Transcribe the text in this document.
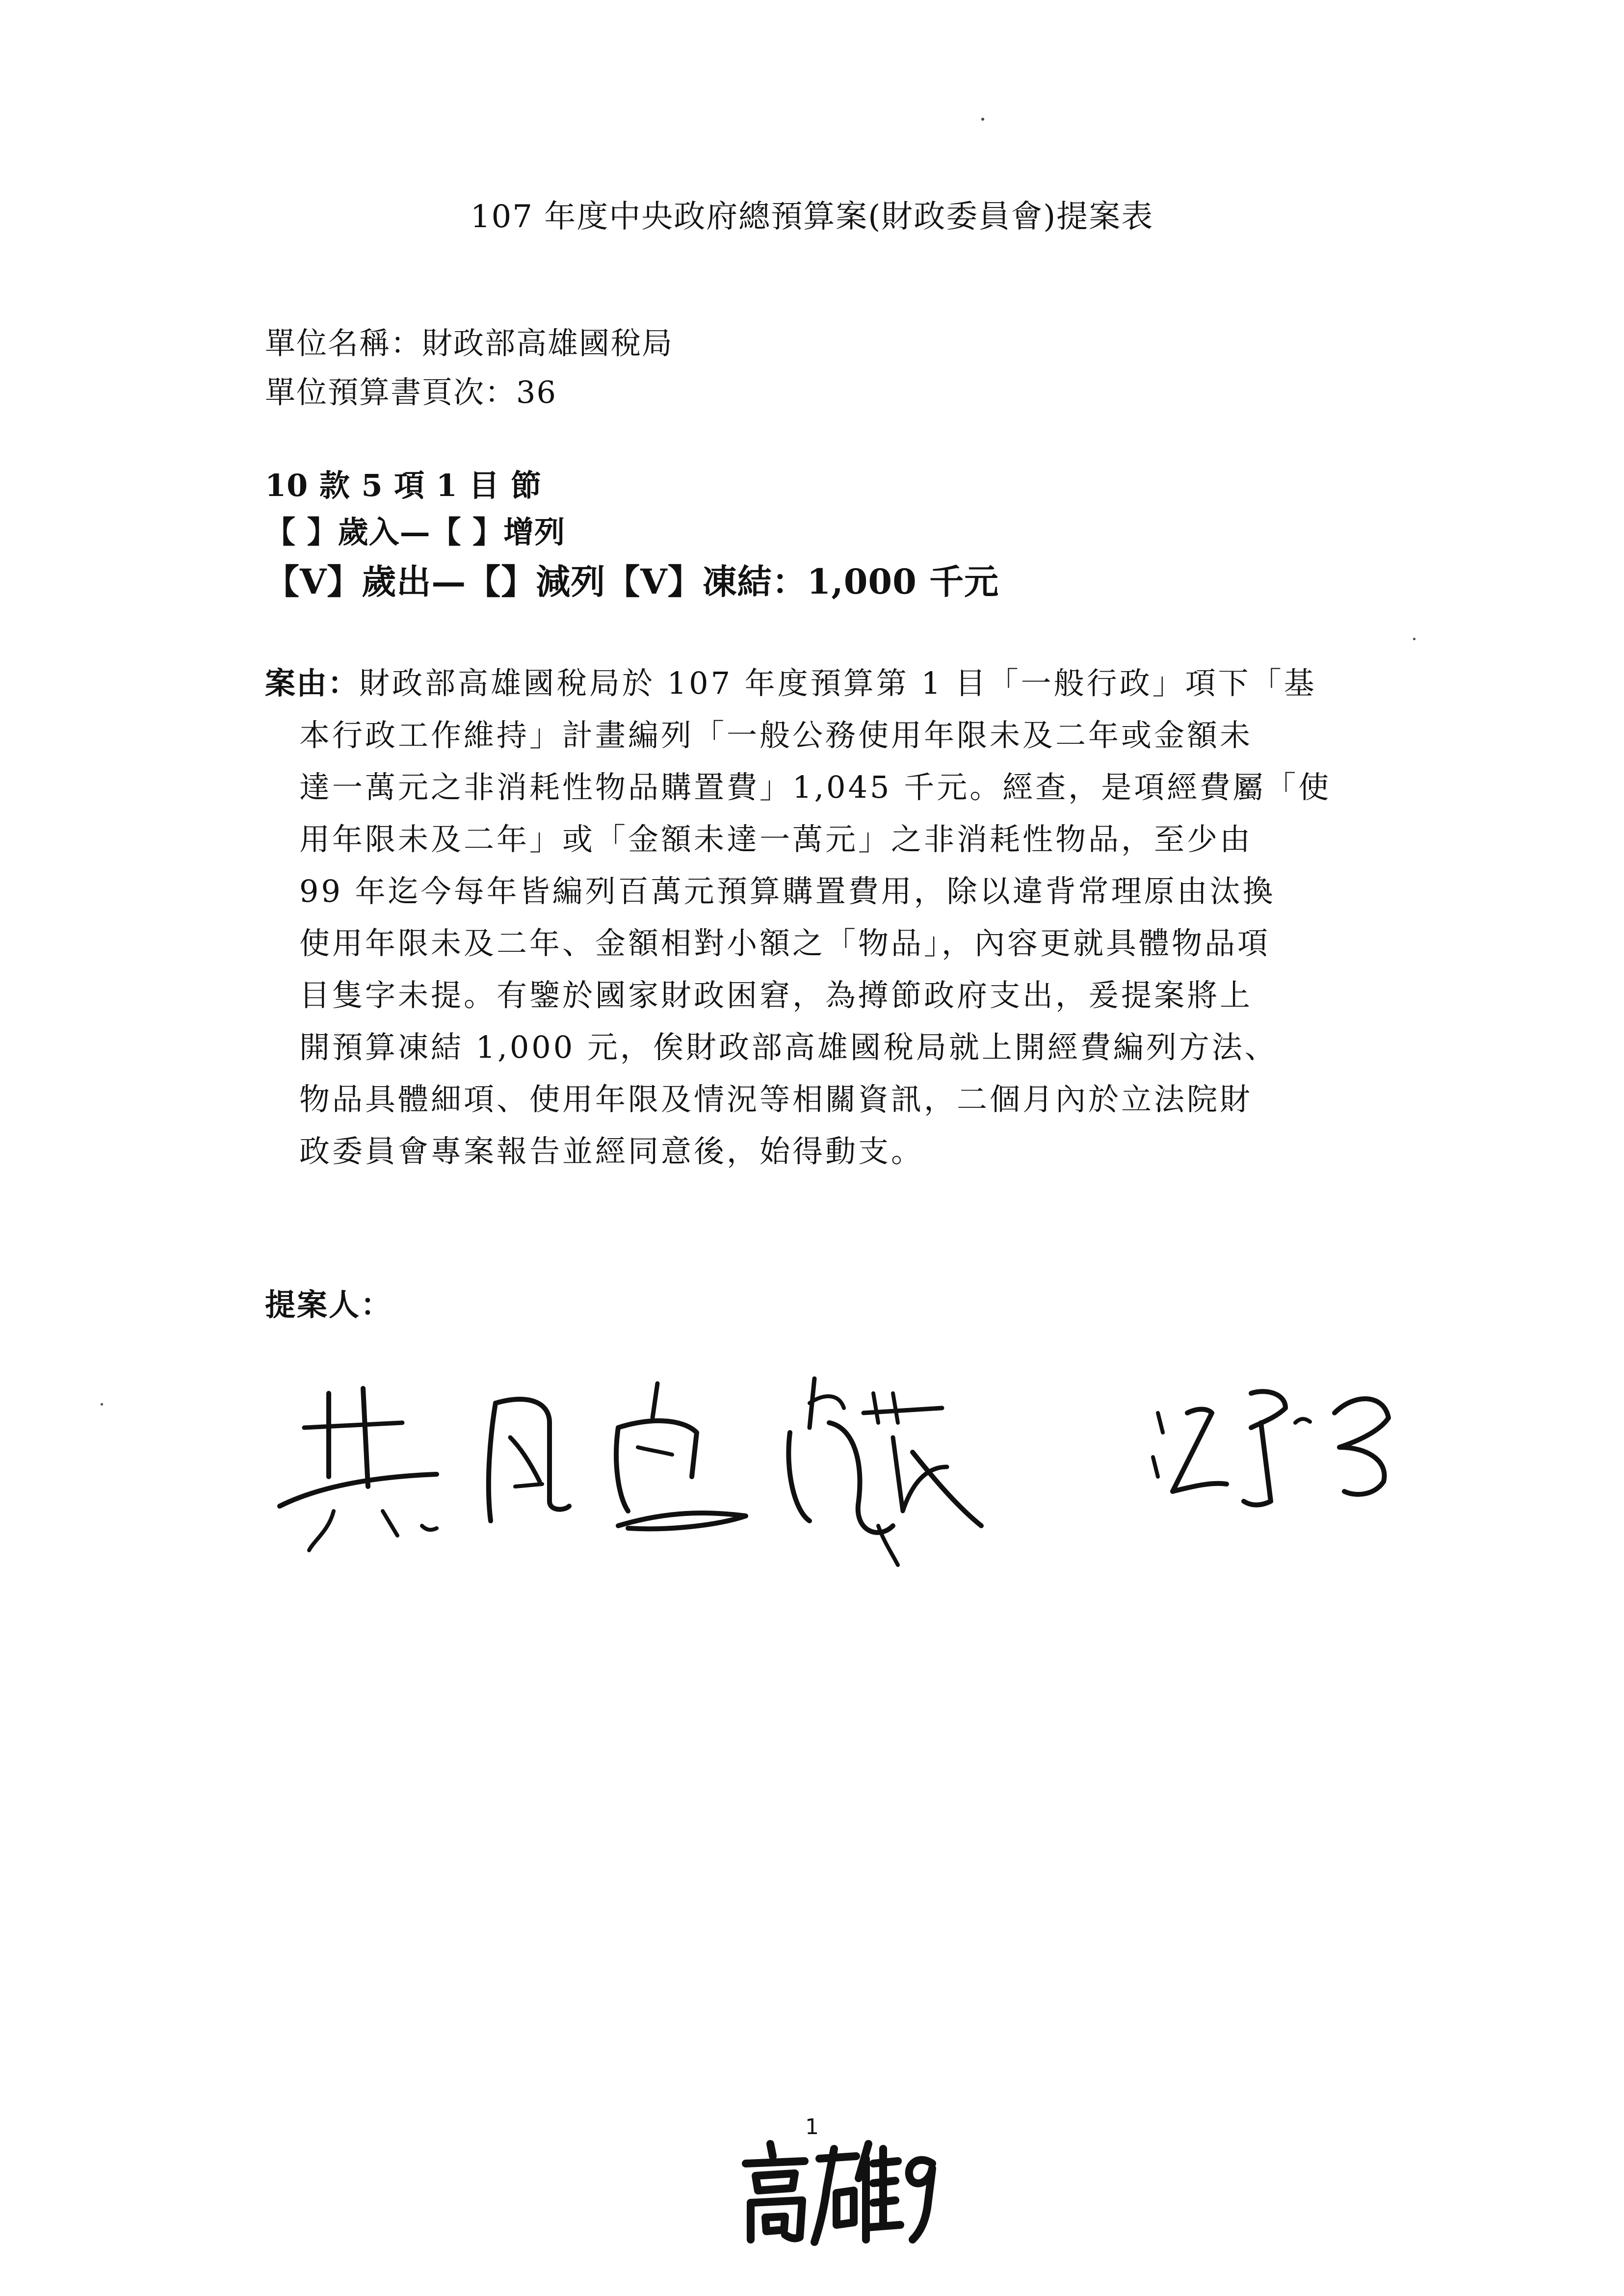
107 年度中央政府總預算案(財政委員會)提案表
單位名稱：財政部高雄國稅局
單位預算書頁次：36
10 款 5 項 1 目 節
【 】歲入—【 】增列
【V】歲出—【】減列【V】凍結：1,000 千元
案由：財政部高雄國稅局於 107 年度預算第 1 目「一般行政」項下「基
本行政工作維持」計畫編列「一般公務使用年限未及二年或金額未
達一萬元之非消耗性物品購置費」1,045 千元。經查，是項經費屬「使
用年限未及二年」或「金額未達一萬元」之非消耗性物品，至少由
99 年迄今每年皆編列百萬元預算購置費用，除以違背常理原由汰換
使用年限未及二年、金額相對小額之「物品」，內容更就具體物品項
目隻字未提。有鑒於國家財政困窘，為撙節政府支出，爰提案將上
開預算凍結 1,000 元，俟財政部高雄國稅局就上開經費編列方法、
物品具體細項、使用年限及情況等相關資訊，二個月內於立法院財
政委員會專案報告並經同意後，始得動支。
提案人：
1
